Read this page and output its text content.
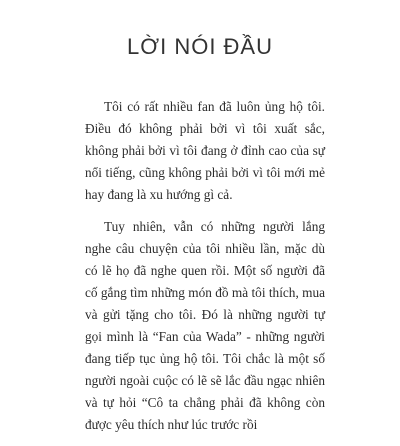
LỜI NÓI ĐẦU

Tôi có rất nhiều fan đã luôn ủng hộ tôi. Điều đó không phải bởi vì tôi xuất sắc, không phải bởi vì tôi đang ở đỉnh cao của sự nổi tiếng, cũng không phải bởi vì tôi mới mẻ hay đang là xu hướng gì cả.

Tuy nhiên, vẫn có những người lắng nghe câu chuyện của tôi nhiều lần, mặc dù có lẽ họ đã nghe quen rồi. Một số người đã cố gắng tìm những món đồ mà tôi thích, mua và gửi tặng cho tôi. Đó là những người tự gọi mình là “Fan của Wada” - những người đang tiếp tục ủng hộ tôi. Tôi chắc là một số người ngoài cuộc có lẽ sẽ lắc đầu ngạc nhiên và tự hỏi “Cô ta chẳng phải đã không còn được yêu thích như lúc trước rồi
